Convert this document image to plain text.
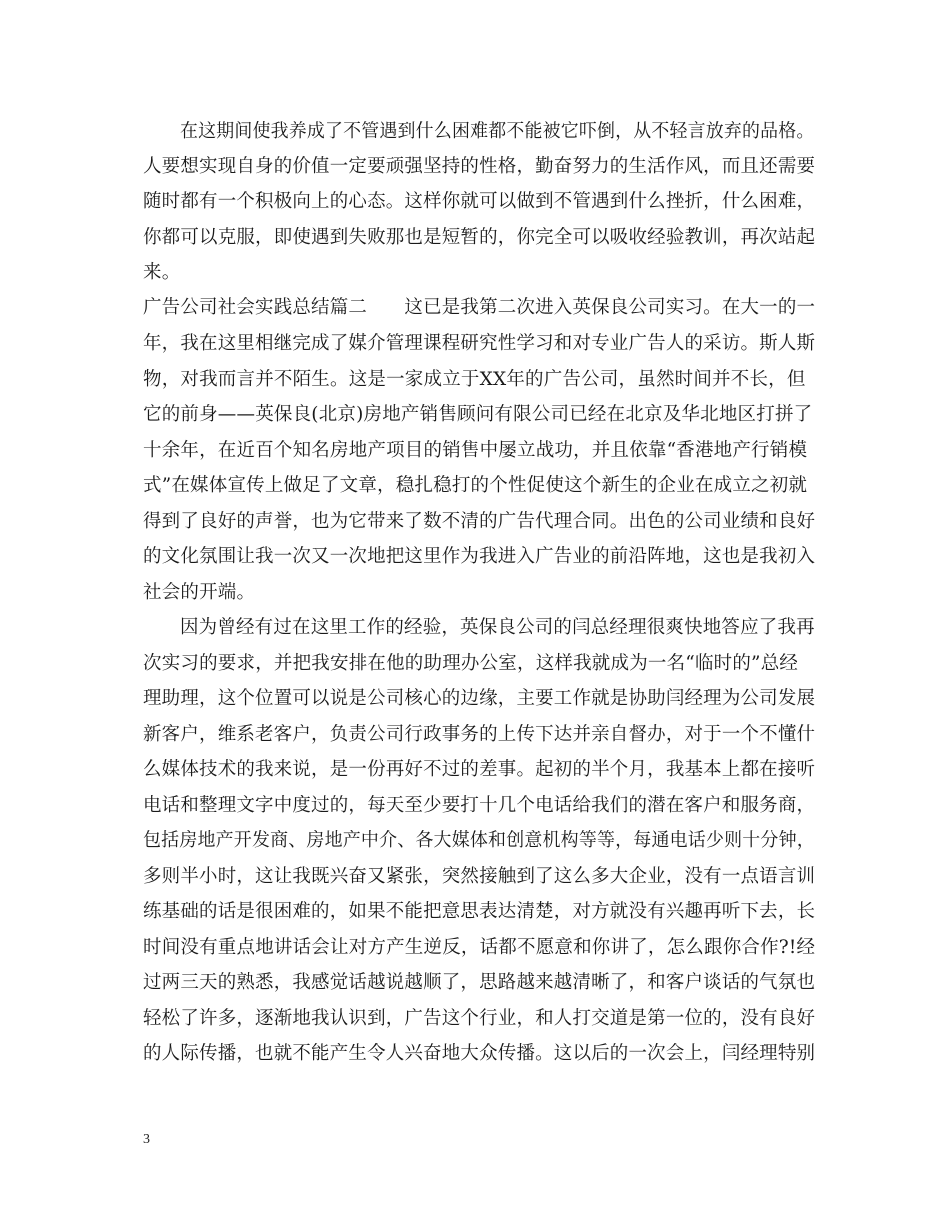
在这期间使我养成了不管遇到什么困难都不能被它吓倒，从不轻言放弃的品格。
人要想实现自身的价值一定要顽强坚持的性格，勤奋努力的生活作风，而且还需要
随时都有一个积极向上的心态。这样你就可以做到不管遇到什么挫折，什么困难，
你都可以克服，即使遇到失败那也是短暂的，你完全可以吸收经验教训，再次站起
来。
广告公司社会实践总结篇二　　这已是我第二次进入英保良公司实习。在大一的一
年，我在这里相继完成了媒介管理课程研究性学习和对专业广告人的采访。斯人斯
物，对我而言并不陌生。这是一家成立于XX年的广告公司，虽然时间并不长，但
它的前身——英保良(北京)房地产销售顾问有限公司已经在北京及华北地区打拼了
十余年，在近百个知名房地产项目的销售中屡立战功，并且依靠“香港地产行销模
式”在媒体宣传上做足了文章，稳扎稳打的个性促使这个新生的企业在成立之初就
得到了良好的声誉，也为它带来了数不清的广告代理合同。出色的公司业绩和良好
的文化氛围让我一次又一次地把这里作为我进入广告业的前沿阵地，这也是我初入
社会的开端。
因为曾经有过在这里工作的经验，英保良公司的闫总经理很爽快地答应了我再
次实习的要求，并把我安排在他的助理办公室，这样我就成为一名“临时的”总经
理助理，这个位置可以说是公司核心的边缘，主要工作就是协助闫经理为公司发展
新客户，维系老客户，负责公司行政事务的上传下达并亲自督办，对于一个不懂什
么媒体技术的我来说，是一份再好不过的差事。起初的半个月，我基本上都在接听
电话和整理文字中度过的，每天至少要打十几个电话给我们的潜在客户和服务商，
包括房地产开发商、房地产中介、各大媒体和创意机构等等，每通电话少则十分钟，
多则半小时，这让我既兴奋又紧张，突然接触到了这么多大企业，没有一点语言训
练基础的话是很困难的，如果不能把意思表达清楚，对方就没有兴趣再听下去，长
时间没有重点地讲话会让对方产生逆反，话都不愿意和你讲了，怎么跟你合作?!经
过两三天的熟悉，我感觉话越说越顺了，思路越来越清晰了，和客户谈话的气氛也
轻松了许多，逐渐地我认识到，广告这个行业，和人打交道是第一位的，没有良好
的人际传播，也就不能产生令人兴奋地大众传播。这以后的一次会上，闫经理特别
3
